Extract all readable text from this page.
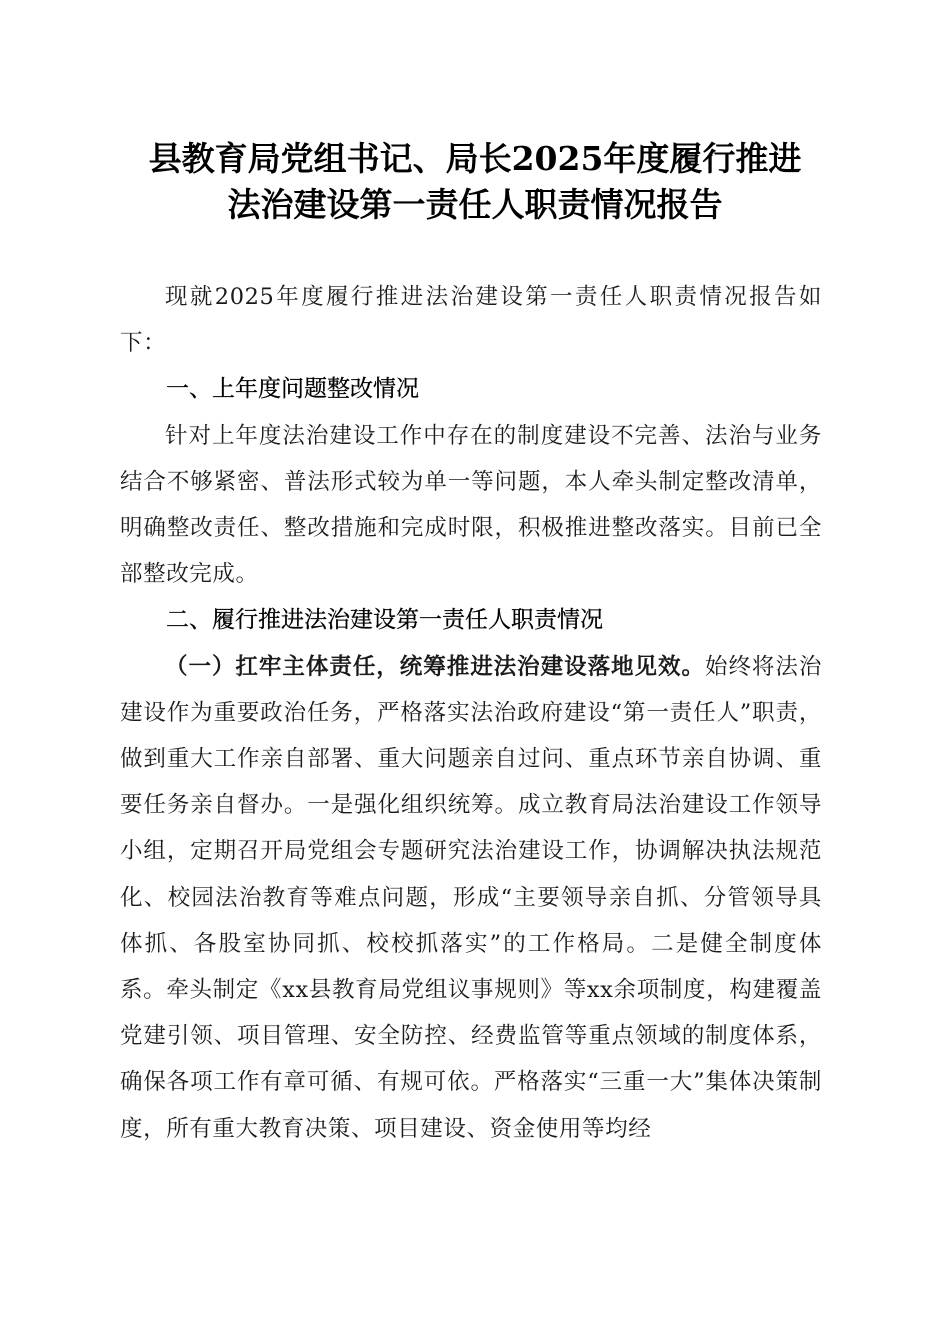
县教育局党组书记、局长2025年度履行推进
法治建设第一责任人职责情况报告

现就2025年度履行推进法治建设第一责任人职责情况报告如下：

一、上年度问题整改情况

针对上年度法治建设工作中存在的制度建设不完善、法治与业务结合不够紧密、普法形式较为单一等问题，本人牵头制定整改清单，明确整改责任、整改措施和完成时限，积极推进整改落实。目前已全部整改完成。

二、履行推进法治建设第一责任人职责情况

（一）扛牢主体责任，统筹推进法治建设落地见效。始终将法治建设作为重要政治任务，严格落实法治政府建设“第一责任人”职责，做到重大工作亲自部署、重大问题亲自过问、重点环节亲自协调、重要任务亲自督办。一是强化组织统筹。成立教育局法治建设工作领导小组，定期召开局党组会专题研究法治建设工作，协调解决执法规范化、校园法治教育等难点问题，形成“主要领导亲自抓、分管领导具体抓、各股室协同抓、校校抓落实”的工作格局。二是健全制度体系。牵头制定《xx县教育局党组议事规则》等xx余项制度，构建覆盖党建引领、项目管理、安全防控、经费监管等重点领域的制度体系，确保各项工作有章可循、有规可依。严格落实“三重一大”集体决策制度，所有重大教育决策、项目建设、资金使用等均经
